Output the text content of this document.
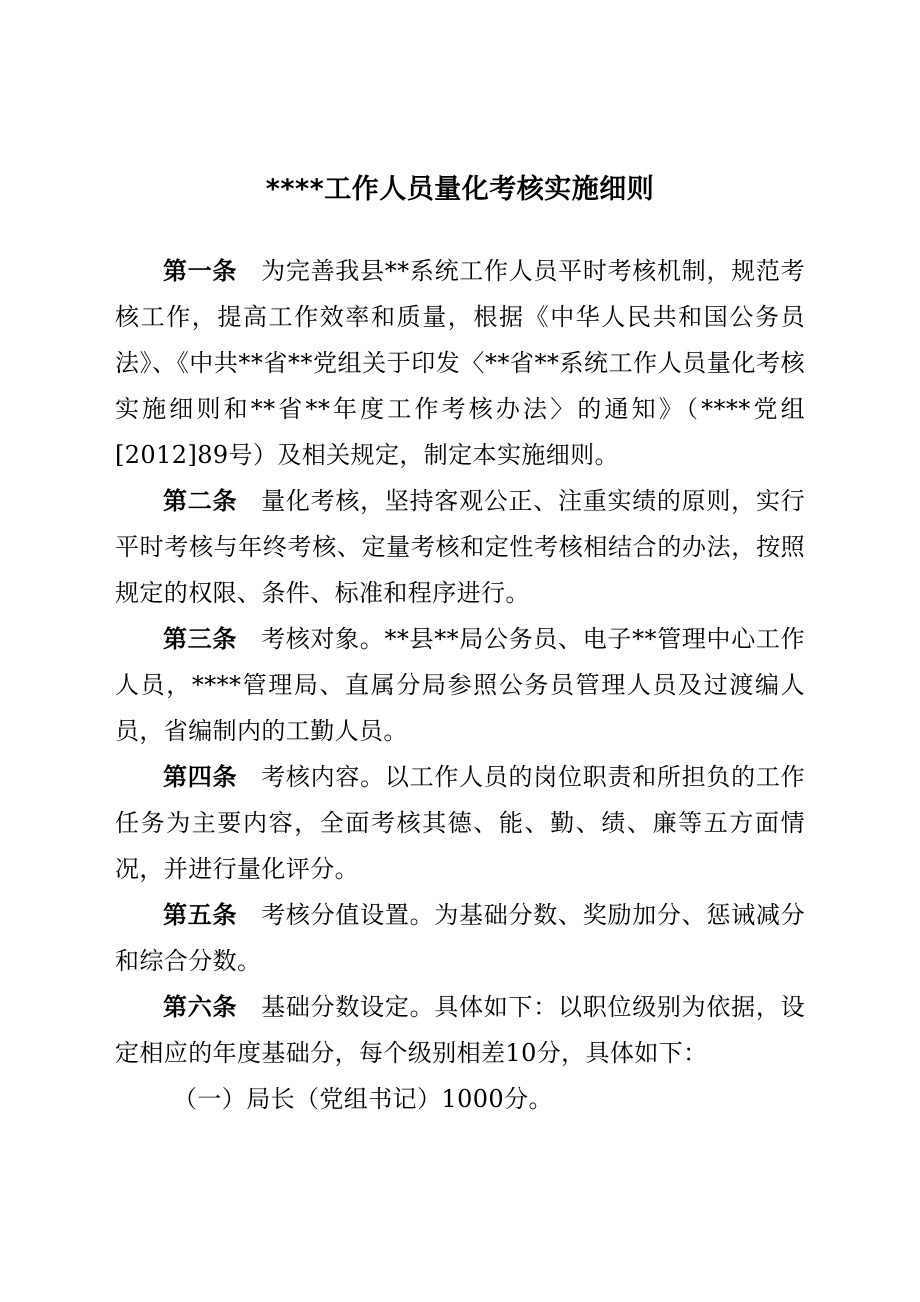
****工作人员量化考核实施细则

第一条 为完善我县**系统工作人员平时考核机制，规范考核工作，提高工作效率和质量，根据《中华人民共和国公务员法》、《中共**省**党组关于印发〈**省**系统工作人员量化考核实施细则和**省**年度工作考核办法〉的通知》（****党组[2012]89号）及相关规定，制定本实施细则。

第二条 量化考核，坚持客观公正、注重实绩的原则，实行平时考核与年终考核、定量考核和定性考核相结合的办法，按照规定的权限、条件、标准和程序进行。

第三条 考核对象。**县**局公务员、电子**管理中心工作人员，****管理局、直属分局参照公务员管理人员及过渡编人员，省编制内的工勤人员。

第四条 考核内容。以工作人员的岗位职责和所担负的工作任务为主要内容，全面考核其德、能、勤、绩、廉等五方面情况，并进行量化评分。

第五条 考核分值设置。为基础分数、奖励加分、惩诫减分和综合分数。

第六条 基础分数设定。具体如下：以职位级别为依据，设定相应的年度基础分，每个级别相差10分，具体如下：

（一）局长（党组书记）1000分。
